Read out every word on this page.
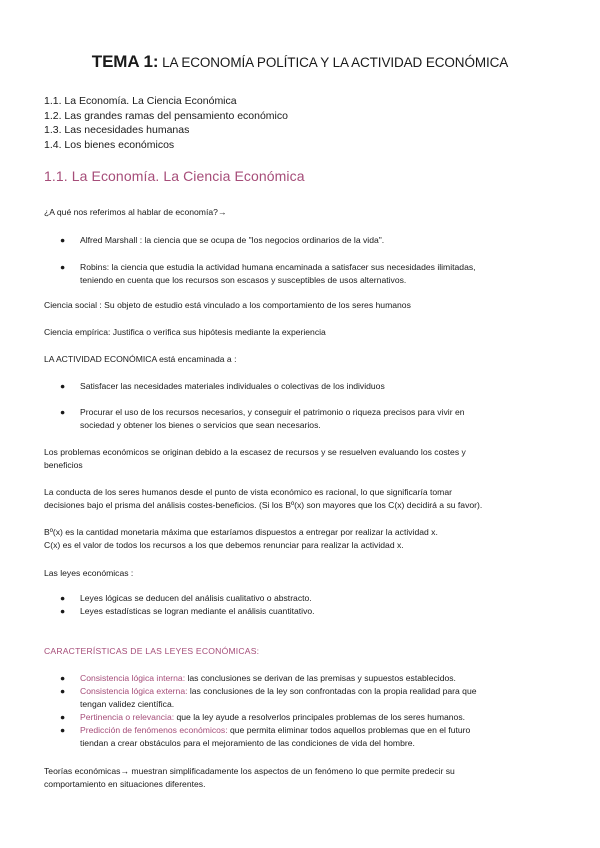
TEMA 1: LA ECONOMÍA POLÍTICA Y LA ACTIVIDAD ECONÓMICA
1.1. La Economía. La Ciencia Económica
1.2. Las grandes ramas del pensamiento económico
1.3. Las necesidades humanas
1.4. Los bienes económicos
1.1. La Economía. La Ciencia Económica
¿A qué nos referimos al hablar de economía?→
● Alfred Marshall : la ciencia que se ocupa de "los negocios ordinarios de la vida".
● Robins: la ciencia que estudia la actividad humana encaminada a satisfacer sus necesidades ilimitadas,
teniendo en cuenta que los recursos son escasos y susceptibles de usos alternativos.
Ciencia social : Su objeto de estudio está vinculado a los comportamiento de los seres humanos
Ciencia empírica: Justifica o verifica sus hipótesis mediante la experiencia
LA ACTIVIDAD ECONÓMICA está encaminada a :
● Satisfacer las necesidades materiales individuales o colectivas de los individuos
● Procurar el uso de los recursos necesarios, y conseguir el patrimonio o riqueza precisos para vivir en
sociedad y obtener los bienes o servicios que sean necesarios.
Los problemas económicos se originan debido a la escasez de recursos y se resuelven evaluando los costes y
beneficios
La conducta de los seres humanos desde el punto de vista económico es racional, lo que significaría tomar
decisiones bajo el prisma del análisis costes-beneficios. (Si los Bº(x) son mayores que los C(x) decidirá a su favor).
Bº(x) es la cantidad monetaria máxima que estaríamos dispuestos a entregar por realizar la actividad x.
C(x) es el valor de todos los recursos a los que debemos renunciar para realizar la actividad x.
Las leyes económicas :
● Leyes lógicas se deducen del análisis cualitativo o abstracto.
● Leyes estadísticas se logran mediante el análisis cuantitativo.
CARACTERÍSTICAS DE LAS LEYES ECONÓMICAS:
● Consistencia lógica interna: las conclusiones se derivan de las premisas y supuestos establecidos.
● Consistencia lógica externa: las conclusiones de la ley son confrontadas con la propia realidad para que
tengan validez científica.
● Pertinencia o relevancia: que la ley ayude a resolverlos principales problemas de los seres humanos.
● Predicción de fenómenos económicos: que permita eliminar todos aquellos problemas que en el futuro
tiendan a crear obstáculos para el mejoramiento de las condiciones de vida del hombre.
Teorías económicas→ muestran simplificadamente los aspectos de un fenómeno lo que permite predecir su
comportamiento en situaciones diferentes.
